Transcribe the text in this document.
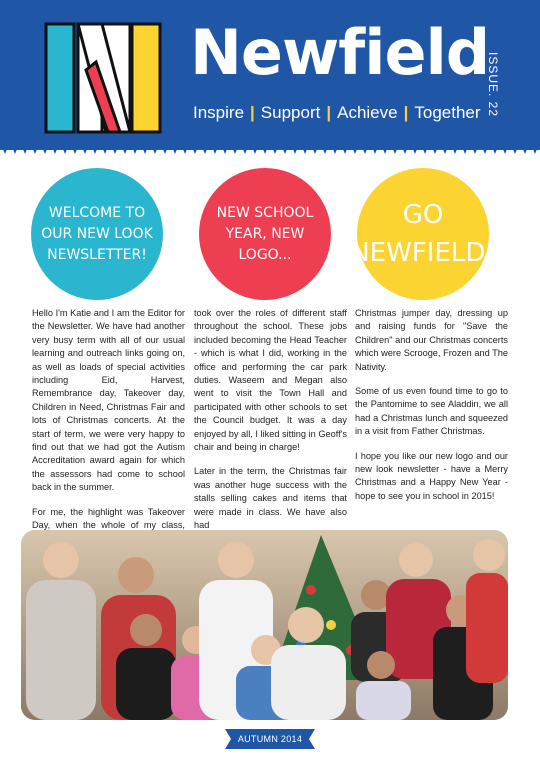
Newfield
Inspire | Support | Achieve | Together ISSUE. 22
WELCOME TO OUR NEW LOOK NEWSLETTER!
NEW SCHOOL YEAR, NEW LOGO...
GO NEWFIELD!

Hello I'm Katie and I am the Editor for the Newsletter. We have had another very busy term with all of our usual learning and outreach links going on, as well as loads of special activities including Eid, Harvest, Remembrance day, Takeover day, Children in Need, Christmas Fair and lots of Christmas concerts. At the start of term, we were very happy to find out that we had got the Autism Accreditation award again for which the assessors had come to school back in the summer.

For me, the highlight was Takeover Day, when the whole of my class,

took over the roles of different staff throughout the school. These jobs included becoming the Head Teacher - which is what I did, working in the office and performing the car park duties. Waseem and Megan also went to visit the Town Hall and participated with other schools to set the Council budget. It was a day enjoyed by all, I liked sitting in Geoff's chair and being in charge!

Later in the term, the Christmas fair was another huge success with the stalls selling cakes and items that were made in class. We have also had

Christmas jumper day, dressing up and raising funds for "Save the Children" and our Christmas concerts which were Scrooge, Frozen and The Nativity.

Some of us even found time to go to the Pantomime to see Aladdin, we all had a Christmas lunch and squeezed in a visit from Father Christmas.

I hope you like our new logo and our new look newsletter - have a Merry Christmas and a Happy New Year - hope to see you in school in 2015!

AUTUMN 2014
